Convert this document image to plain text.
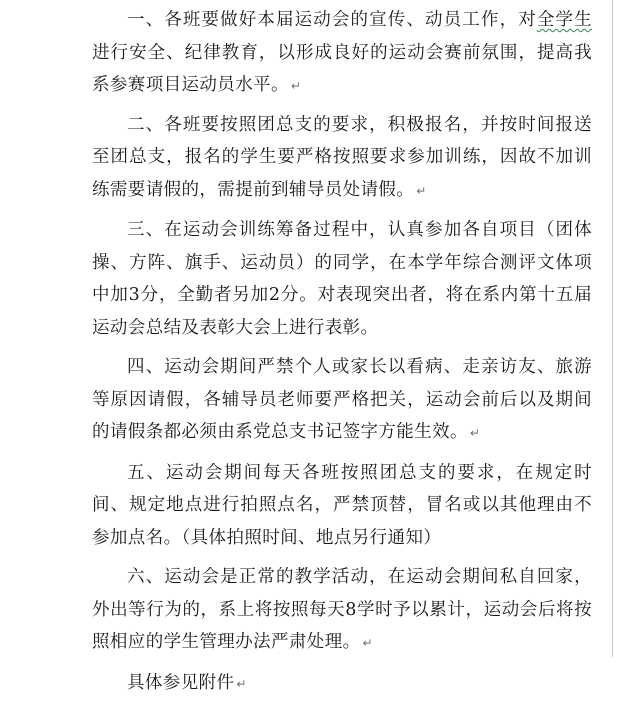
一、各班要做好本届运动会的宣传、动员工作，对全学生进行安全、纪律教育，以形成良好的运动会赛前氛围，提高我系参赛项目运动员水平。 ↵

二、各班要按照团总支的要求，积极报名，并按时间报送至团总支，报名的学生要严格按照要求参加训练，因故不加训练需要请假的，需提前到辅导员处请假。 ↵

三、在运动会训练筹备过程中，认真参加各自项目（团体操、方阵、旗手、运动员）的同学，在本学年综合测评文体项中加3分，全勤者另加2分。对表现突出者，将在系内第十五届运动会总结及表彰大会上进行表彰。

四、运动会期间严禁个人或家长以看病、走亲访友、旅游等原因请假，各辅导员老师要严格把关，运动会前后以及期间的请假条都必须由系党总支书记签字方能生效。 ↵

五、运动会期间每天各班按照团总支的要求，在规定时间、规定地点进行拍照点名，严禁顶替，冒名或以其他理由不参加点名。（具体拍照时间、地点另行通知）

六、运动会是正常的教学活动，在运动会期间私自回家，外出等行为的，系上将按照每天8学时予以累计，运动会后将按照相应的学生管理办法严肃处理。 ↵

具体参见附件 ↵
